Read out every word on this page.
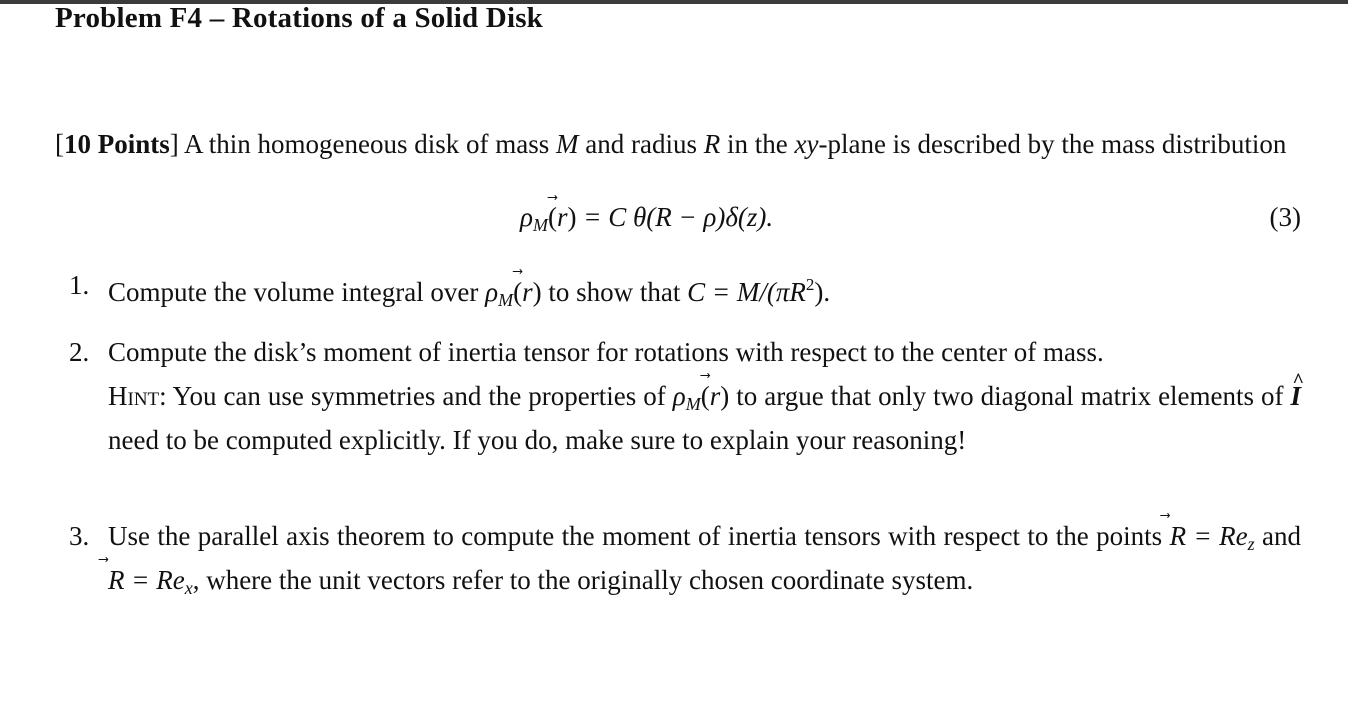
Problem F4 – Rotations of a Solid Disk
[10 Points] A thin homogeneous disk of mass M and radius R in the xy-plane is described by the mass distribution
$\rho_M(⃗$ r) = C θ(R − ρ)δ(z).	(3)
1. Compute the volume integral over $\rho_M(⃗$ r) to show that $C = M/(\pi R^2)$.
2. Compute the disk’s moment of inertia tensor for rotations with respect to the center of mass.
Hint: You can use symmetries and the properties of $\rho_M(⃗$ r) to argue that only two diagonal matrix elements of ^ I need to be computed explicitly. If you do, make sure to explain your reasoning!
3. Use the parallel axis theorem to compute the moment of inertia tensors with respect to the points ⃗ $R = Re_z$ and ⃗ $R = Re_x$, where the unit vectors refer to the originally chosen coordinate system.
